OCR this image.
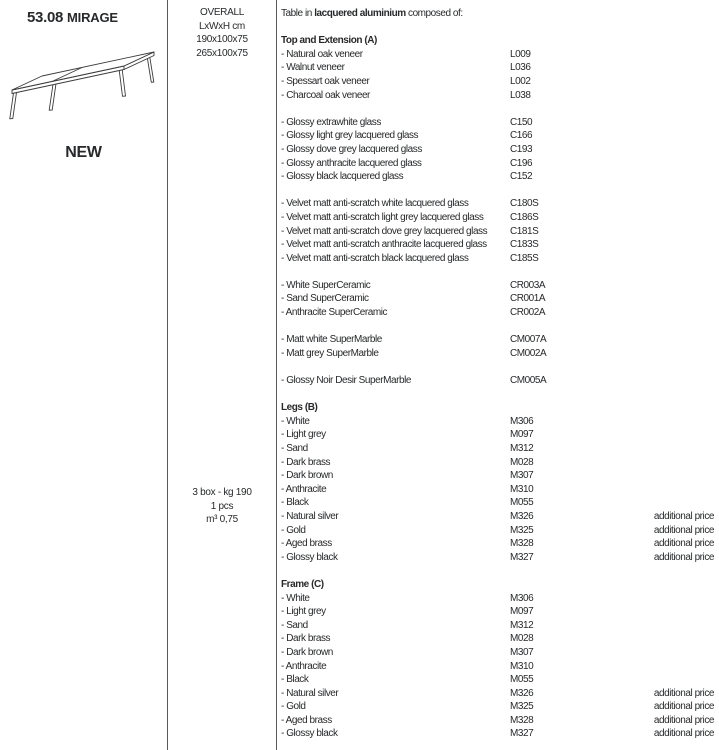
53.08 MIRAGE
NEW
OVERALL
LxWxH cm
190x100x75
265x100x75
3 box - kg 190
1 pcs
m³ 0,75
Table in lacquered aluminium composed of:
Top and Extension (A)
- Natural oak veneer	L009
- Walnut veneer	L036
- Spessart oak veneer	L002
- Charcoal oak veneer	L038
- Glossy extrawhite glass	C150
- Glossy light grey lacquered glass	C166
- Glossy dove grey lacquered glass	C193
- Glossy anthracite lacquered glass	C196
- Glossy black lacquered glass	C152
- Velvet matt anti-scratch white lacquered glass	C180S
- Velvet matt anti-scratch light grey lacquered glass	C186S
- Velvet matt anti-scratch dove grey lacquered glass C181S
- Velvet matt anti-scratch anthracite lacquered glass C183S
- Velvet matt anti-scratch black lacquered glass	C185S
- White SuperCeramic	CR003A
- Sand SuperCeramic	CR001A
- Anthracite SuperCeramic	CR002A
- Matt white SuperMarble	CM007A
- Matt grey SuperMarble	CM002A
- Glossy Noir Desir SuperMarble	CM005A
Legs (B)
- White	M306
- Light grey	M097
- Sand	M312
- Dark brass	M028
- Dark brown	M307
- Anthracite	M310
- Black	M055
- Natural silver	M326	additional price
- Gold	M325	additional price
- Aged brass	M328	additional price
- Glossy black	M327	additional price
Frame (C)
- White	M306
- Light grey	M097
- Sand	M312
- Dark brass	M028
- Dark brown	M307
- Anthracite	M310
- Black	M055
- Natural silver	M326	additional price
- Gold	M325	additional price
- Aged brass	M328	additional price
- Glossy black	M327	additional price
